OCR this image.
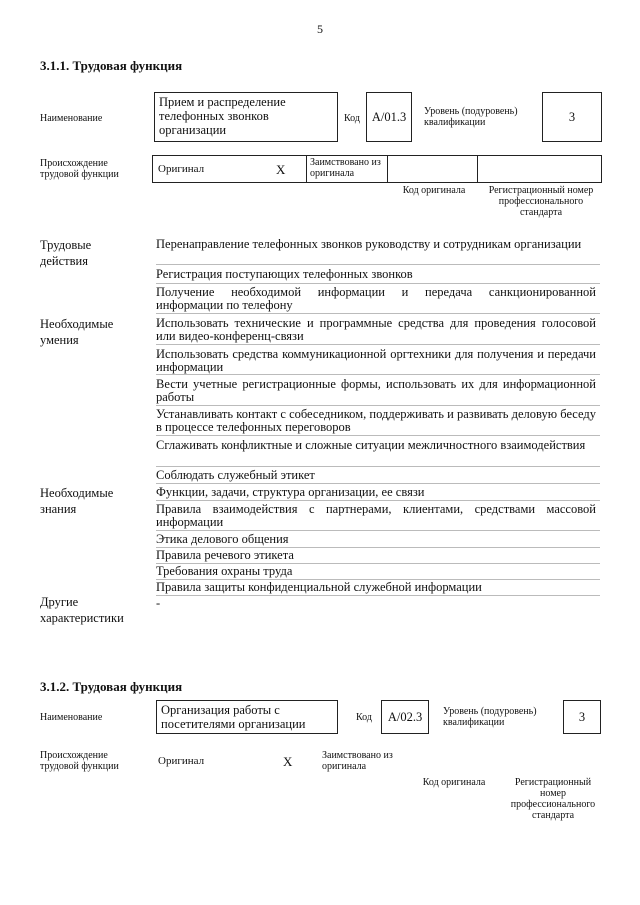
5
3.1.1. Трудовая функция
Наименование
Прием и распределение телефонных звонков организации
Код A/01.3 Уровень (подуровень) квалификации	3
Происхождение трудовой функции	Оригинал	X Заимствовано из оригинала
Код оригинала	Регистрационный номер профессионального стандарта
Трудовые действия
Перенаправление телефонных звонков руководству и сотрудникам организации
Регистрация поступающих телефонных звонков
Получение необходимой информации и передача санкционированной информации по телефону
Необходимые умения
Использовать технические и программные средства для проведения голосовой или видео-конференц-связи
Использовать средства коммуникационной оргтехники для получения и передачи информации
Вести учетные регистрационные формы, использовать их для информационной работы
Устанавливать контакт с собеседником, поддерживать и развивать деловую беседу в процессе телефонных переговоров
Сглаживать конфликтные и сложные ситуации межличностного взаимодействия
Соблюдать служебный этикет
Необходимые знания
Функции, задачи, структура организации, ее связи
Правила взаимодействия с партнерами, клиентами, средствами массовой информации
Этика делового общения
Правила речевого этикета
Требования охраны труда
Правила защиты конфиденциальной служебной информации
Другие характеристики
-
3.1.2. Трудовая функция
Наименование
Организация работы с посетителями организации	Код A/02.3 Уровень (подуровень) квалификации	3
Происхождение трудовой функции	Оригинал	X	Заимствовано из оригинала
Код оригинала	Регистрационный номер профессионального стандарта
